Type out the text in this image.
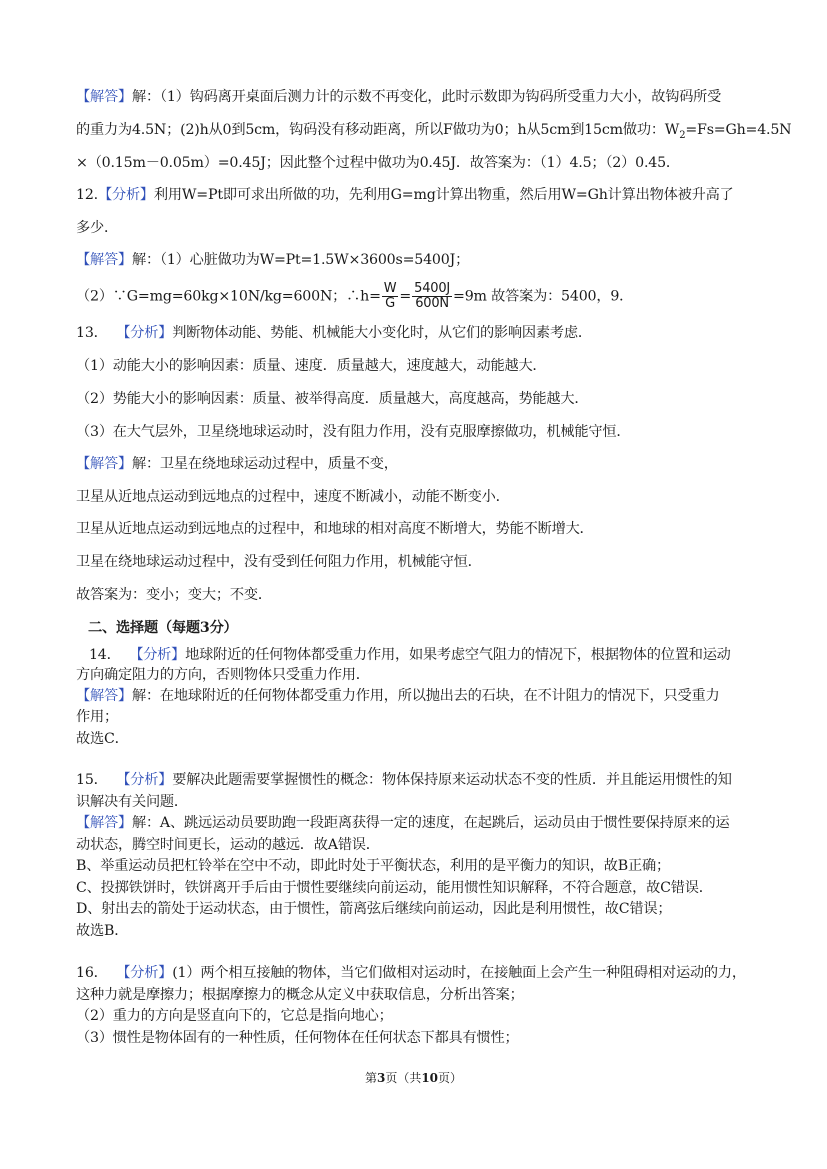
【解答】解：（1）钩码离开桌面后测力计的示数不再变化，此时示数即为钩码所受重力大小，故钩码所受
的重力为4.5N；(2)h从0到5cm，钩码没有移动距离，所以F做功为0；h从5cm到15cm做功：$W_2=Fs=Gh=4.5N$
×（0.15m－0.05m）=0.45J；因此整个过程中做功为0.45J．故答案为：（1）4.5；（2）0.45．
12.【分析】利用W=Pt即可求出所做的功，先利用G=mg计算出物重，然后用W=Gh计算出物体被升高了
多少．
【解答】解：（1）心脏做功为W=Pt=1.5W×3600s=5400J；
（2）∵G=mg=60kg×10N/kg=600N；∴h= $\frac{W}{G} = \frac{5400J}{600N} =9m$ 故答案为：5400，9．
13． 【分析】判断物体动能、势能、机械能大小变化时，从它们的影响因素考虑．
（1）动能大小的影响因素：质量、速度．质量越大，速度越大，动能越大．
（2）势能大小的影响因素：质量、被举得高度．质量越大，高度越高，势能越大．
（3）在大气层外，卫星绕地球运动时，没有阻力作用，没有克服摩擦做功，机械能守恒．
【解答】解：卫星在绕地球运动过程中，质量不变，
卫星从近地点运动到远地点的过程中，速度不断减小，动能不断变小．
卫星从近地点运动到远地点的过程中，和地球的相对高度不断增大，势能不断增大．
卫星在绕地球运动过程中，没有受到任何阻力作用，机械能守恒．
故答案为：变小；变大；不变．
二、选择题（每题3分）
14． 【分析】地球附近的任何物体都受重力作用，如果考虑空气阻力的情况下，根据物体的位置和运动
方向确定阻力的方向，否则物体只受重力作用．
【解答】解：在地球附近的任何物体都受重力作用，所以抛出去的石块，在不计阻力的情况下，只受重力
作用；
故选C．
15． 【分析】要解决此题需要掌握惯性的概念：物体保持原来运动状态不变的性质．并且能运用惯性的知
识解决有关问题．
【解答】解：A、跳远运动员要助跑一段距离获得一定的速度，在起跳后，运动员由于惯性要保持原来的运
动状态，腾空时间更长，运动的越远．故A错误．
B、举重运动员把杠铃举在空中不动，即此时处于平衡状态，利用的是平衡力的知识，故B正确；
C、投掷铁饼时，铁饼离开手后由于惯性要继续向前运动，能用惯性知识解释，不符合题意，故C错误．
D、射出去的箭处于运动状态，由于惯性，箭离弦后继续向前运动，因此是利用惯性，故C错误；
故选B．
16． 【分析】(1）两个相互接触的物体，当它们做相对运动时，在接触面上会产生一种阻碍相对运动的力，
这种力就是摩擦力；根据摩擦力的概念从定义中获取信息，分析出答案；
（2）重力的方向是竖直向下的，它总是指向地心；
（3）惯性是物体固有的一种性质，任何物体在任何状态下都具有惯性；
第3页（共10页）
